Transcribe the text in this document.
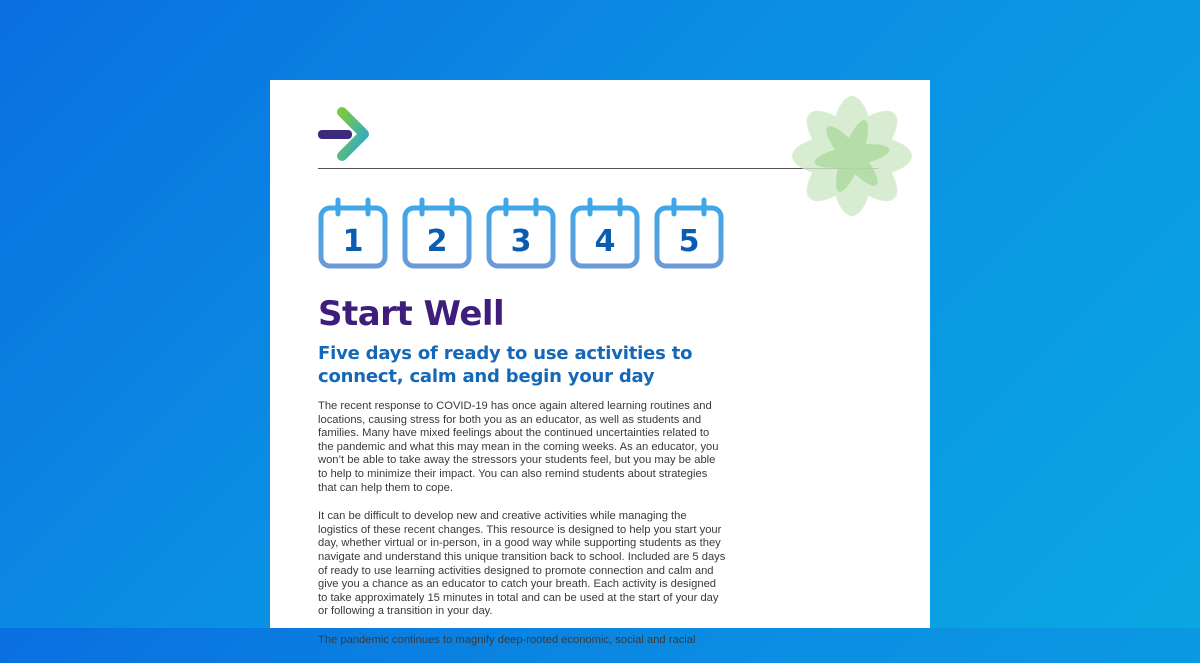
1	2	3	4	5
Start Well
Five days of ready to use activities to connect, calm and begin your day

The recent response to COVID-19 has once again altered learning routines and locations, causing stress for both you as an educator, as well as students and families. Many have mixed feelings about the continued uncertainties related to the pandemic and what this may mean in the coming weeks. As an educator, you won’t be able to take away the stressors your students feel, but you may be able to help to minimize their impact. You can also remind students about strategies that can help them to cope.

It can be difficult to develop new and creative activities while managing the logistics of these recent changes. This resource is designed to help you start your day, whether virtual or in-person, in a good way while supporting students as they navigate and understand this unique transition back to school. Included are 5 days of ready to use learning activities designed to promote connection and calm and give you a chance as an educator to catch your breath. Each activity is designed to take approximately 15 minutes in total and can be used at the start of your day or following a transition in your day.

The pandemic continues to magnify deep-rooted economic, social and racial
